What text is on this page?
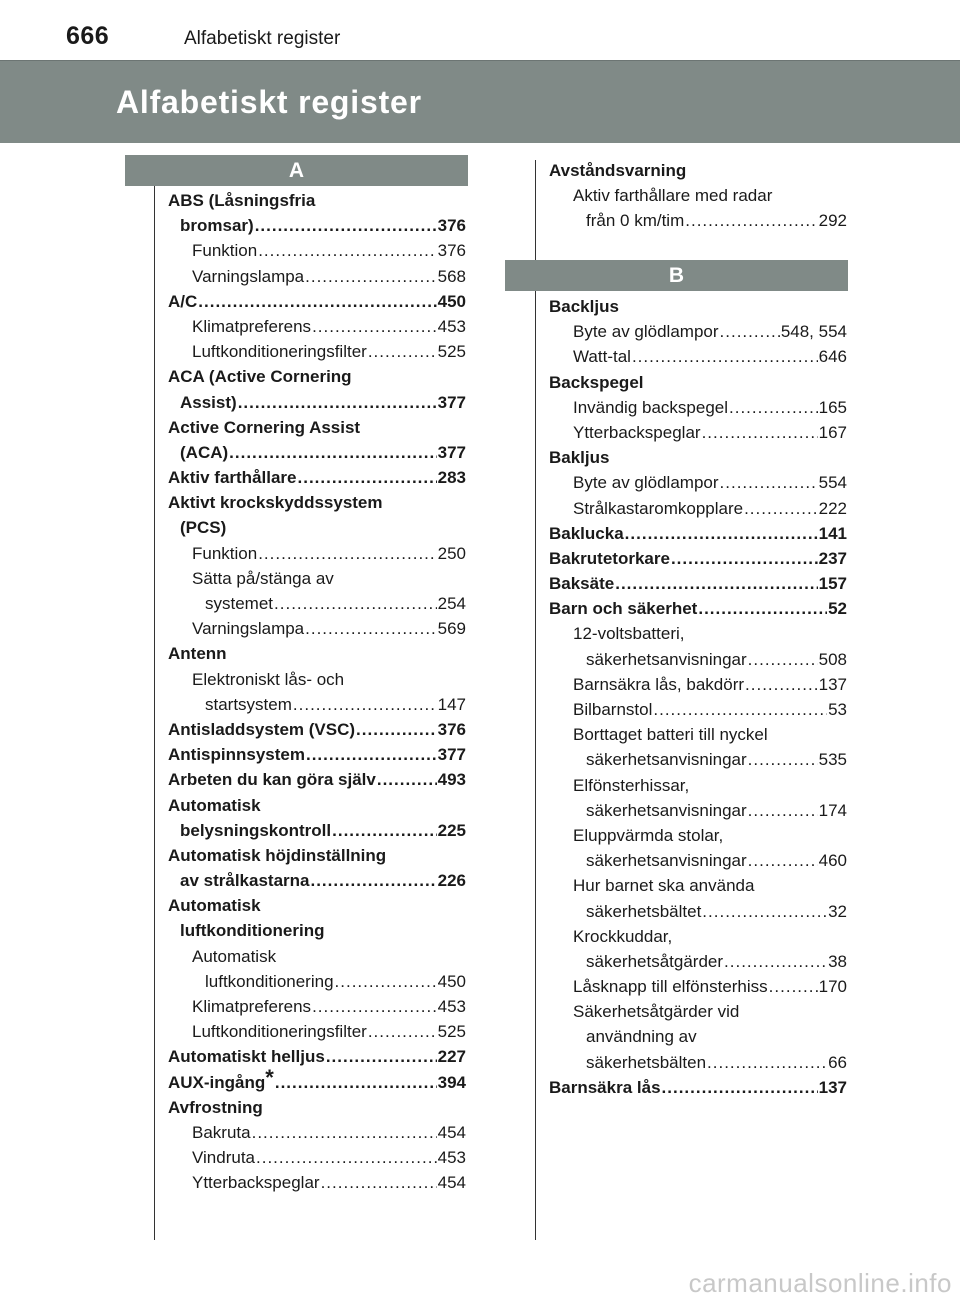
666	Alfabetiskt register
Alfabetiskt register
A
B
ABS (Låsningsfria
bromsar) .....	376
Funktion .....	376
Varningslampa .....	568
A/C .....	450
Klimatpreferens .....	453
Luftkonditioneringsfilter .....	525
ACA (Active Cornering
Assist) .....	377
Active Cornering Assist
(ACA) .....	377
Aktiv farthållare .....	283
Aktivt krockskyddssystem
(PCS)
Funktion .....	250
Sätta på/stänga av
systemet .....	254
Varningslampa .....	569
Antenn
Elektroniskt lås- och
startsystem .....	147
Antisladdsystem (VSC) .....	376
Antispinnsystem .....	377
Arbeten du kan göra själv .....	493
Automatisk
belysningskontroll .....	225
Automatisk höjdinställning
av strålkastarna .....	226
Automatisk
luftkonditionering
Automatisk
luftkonditionering .....	450
Klimatpreferens .....	453
Luftkonditioneringsfilter .....	525
Automatiskt helljus .....	227
AUX-ingång* .....	394
Avfrostning
Bakruta .....	454
Vindruta .....	453
Ytterbackspeglar .....	454
Avståndsvarning
Aktiv farthållare med radar
från 0 km/tim .....	292
Backljus
Byte av glödlampor .....	548, 554
Watt-tal .....	646
Backspegel
Invändig backspegel .....	165
Ytterbackspeglar .....	167
Bakljus
Byte av glödlampor .....	554
Strålkastaromkopplare .....	222
Baklucka .....	141
Bakrutetorkare .....	237
Baksäte .....	157
Barn och säkerhet .....	52
12-voltsbatteri,
säkerhetsanvisningar .....	508
Barnsäkra lås, bakdörr .....	137
Bilbarnstol .....	53
Borttaget batteri till nyckel
säkerhetsanvisningar .....	535
Elfönsterhissar,
säkerhetsanvisningar .....	174
Eluppvärmda stolar,
säkerhetsanvisningar .....	460
Hur barnet ska använda
säkerhetsbältet .....	32
Krockkuddar,
säkerhetsåtgärder .....	38
Låsknapp till elfönsterhiss .....	170
Säkerhetsåtgärder vid
användning av
säkerhetsbälten .....	66
Barnsäkra lås .....	137
carmanualsonline.info
